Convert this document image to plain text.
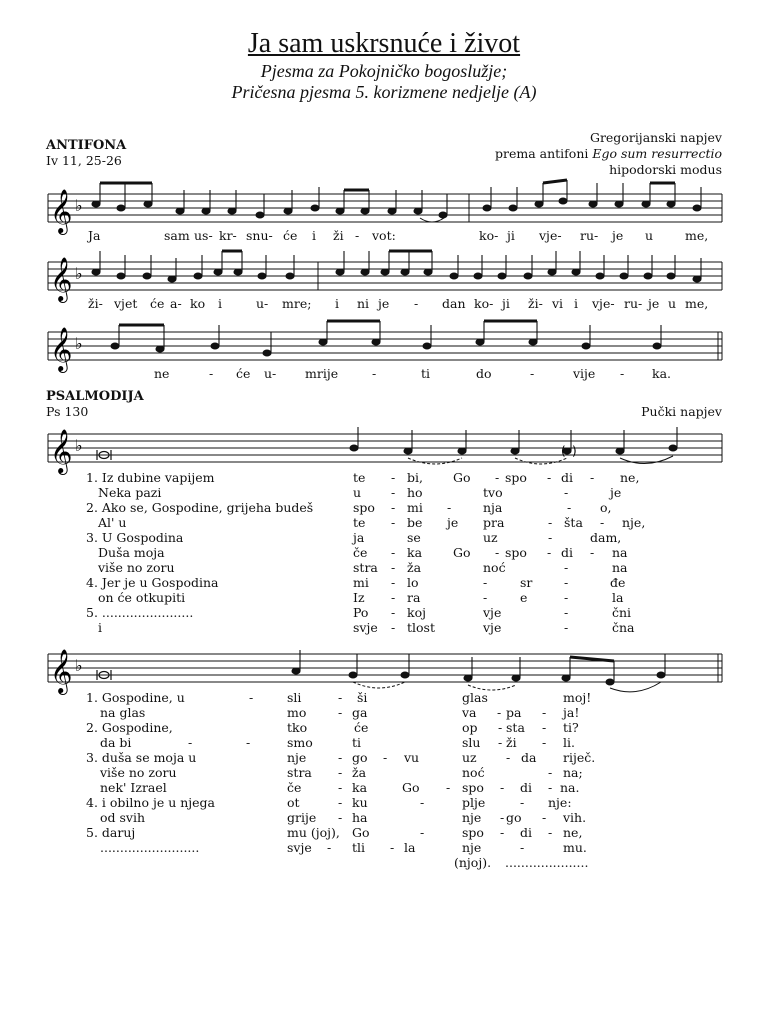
Ja sam uskrsnuće i život
Pjesma za Pokojničko bogoslužje;
Pričesna pjesma 5. korizmene nedjelje (A)
ANTIFONA
Iv 11, 25-26
Gregorijanski napjev
prema antifoni Ego sum resurrectio
hipodorski modus
𝄞 ♭
Ja	sam us- kr- snu- će i ži - vot:	ko- ji vje- ru- je u	me,
𝄞 ♭
ži- vjet će a- ko i	u- mre; i ni je - dan ko- ji ži- vi i vje- ru- je u me,
𝄞 ♭
ne	- će u- mrije	-	ti	do	-	vije - ka.
PSALMODIJA
Ps 130	Pučki napjev
𝄞 ♭	( )
1. Iz dubine vapijem	te - bi, Go - spo - di - ne,
Neka pazi	u - ho	tvo	-	je
2. Ako se, Gospodine, grijeha budeš	spo - mi -	nja	- o,
Al' u	te - be je pra	- šta - nje,
3. U Gospodina	ja	se	uz	-	dam,
Duša moja	če - ka Go - spo - di - na
više no zoru	stra - ža	noć	-	na
4. Jer je u Gospodina	mi - lo	-	sr	-	đe
on će otkupiti	Iz - ra	-	e	-	la
5. .......................	Po - koj	vje	-	čni
i	svje - tlost	vje	-	čna
𝄞 ♭
1. Gospodine, u	-	sli	- ši	glas	moj!
na glas	mo	- ga	va - pa - ja!
2. Gospodine,	tko	će	op - sta - ti?
da bi	-	-	smo	ti	slu - ži - li.
3. duša se moja u	nje	- go - vu	uz - da riječ.
više no zoru	stra - ža	noć	- na;
nek' Izrael	če	- ka	Go - spo - di - na.
4. i obilno je u njega	ot	- ku	-	plje	- nje:
od svih	grije - ha	nje - go - vih.
5. daruj	mu (joj), Go	-	spo - di - ne,
.........................	svje - tli - la	nje	-	mu.
(njoj). .....................
